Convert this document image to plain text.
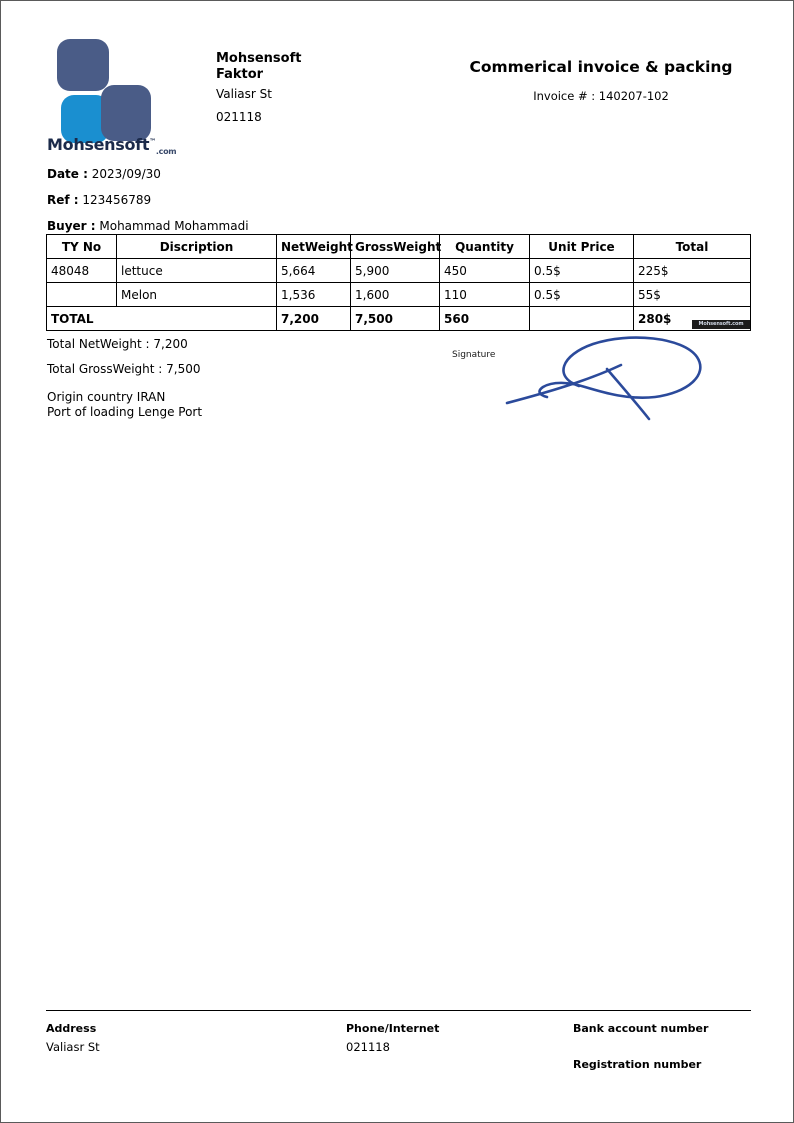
Mohsensoft™$_{.com}$
Mohsensoft
Faktor
Valiasr St
021118
Commerical invoice & packing
Invoice # : 140207-102
Date : 2023/09/30
Ref : 123456789
Buyer : Mohammad Mohammadi
TY No	Discription	NetWeight	GrossWeight	Quantity	Unit Price	Total
48048	lettuce	5,664	5,900	450	0.5$	225$
	Melon	1,536	1,600	110	0.5$	55$
TOTAL		7,200	7,500	560		280$	Mohsensoft.com
Total NetWeight : 7,200
Total GrossWeight : 7,500
Origin country IRAN
Port of loading Lenge Port
Signature
Address
Valiasr St
Phone/Internet
021118
Bank account number
Registration number
